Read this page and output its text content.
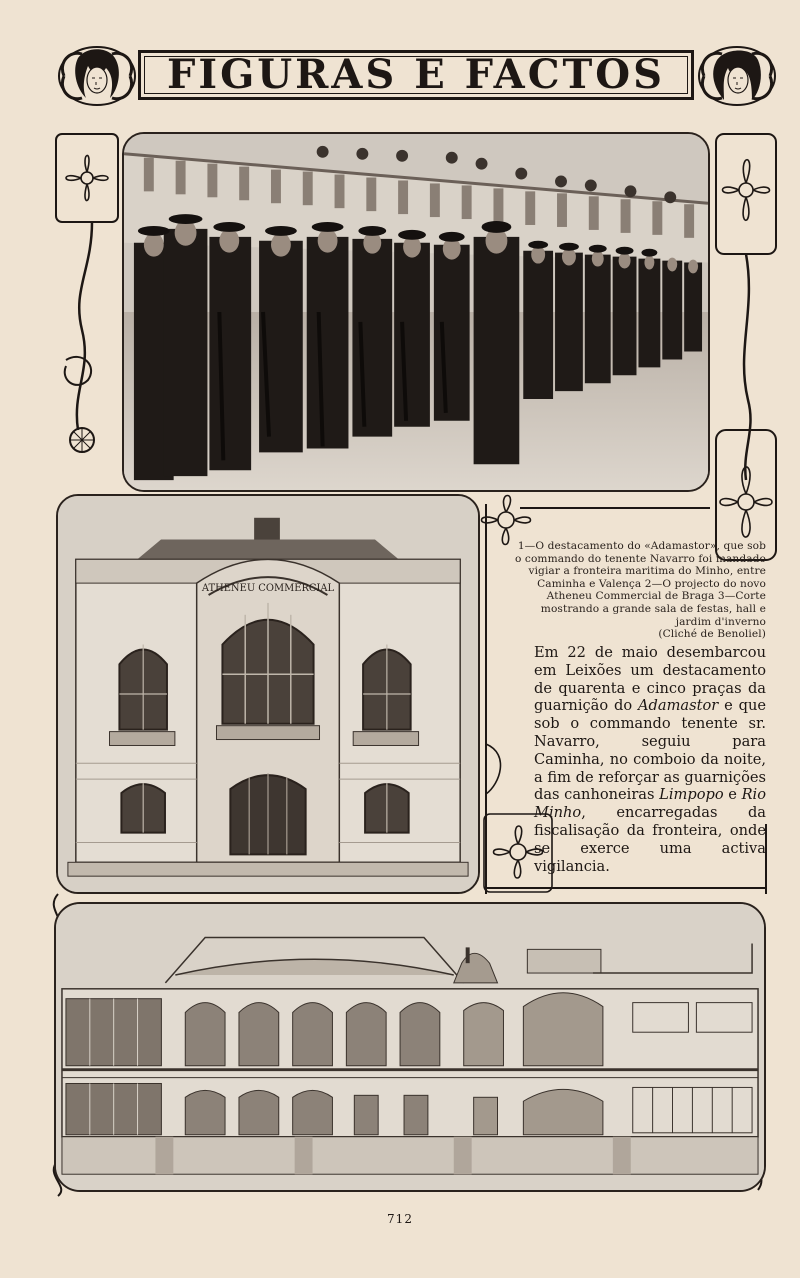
FIGURAS E FACTOS
ATHENEU COMMERCIAL
1—O destacamento do «Adamastor», que sob o commando do tenente Navarro foi mandado vigiar a fronteira maritima do Minho, entre Caminha e Valença 2—O projecto do novo Atheneu Commercial de Braga 3—Corte mostrando a grande sala de festas, hall e jardim d'inverno
(Cliché de Benoliel)

Em 22 de maio desembarcou em Leixões um destacamento de quarenta e cinco praças da guarnição do Adamastor e que sob o commando tenente sr. Navarro, seguiu para Caminha, no comboio da noite, a fim de reforçar as guarnições das canhoneiras Limpopo e Rio Minho, encarregadas da fiscalisação da fronteira, onde se exerce uma activa vigilancia.

712
